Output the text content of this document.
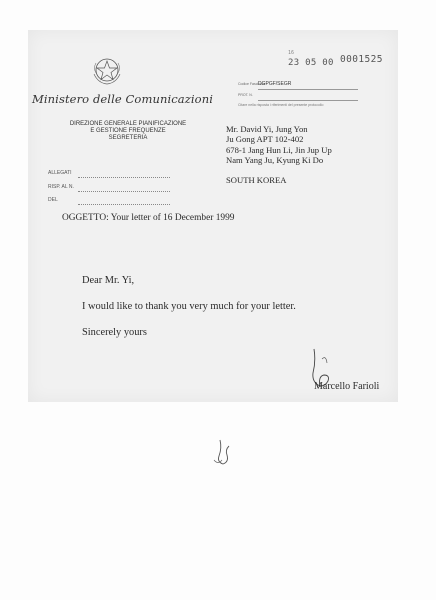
Ministero delle Comunicazioni
DIREZIONE GENERALE PIANIFICAZIONE
E GESTIONE FREQUENZE
SEGRETERIA
ALLEGATI
RISP. AL N.
DEL
Codice Fascicolo
DGPGF/SEGR
PROT. N.
Citare nella risposta i riferimenti del presente protocollo
16
23 05 00 0001525
Mr. David Yi, Jung Yon
Ju Gong APT 102-402
678-1 Jang Hun Li, Jin Jup Up
Nam Yang Ju, Kyung Ki Do
SOUTH KOREA
OGGETTO: Your letter of 16 December 1999
Dear Mr. Yi,
I would like to thank you very much for your letter.
Sincerely yours
Marcello Farioli
